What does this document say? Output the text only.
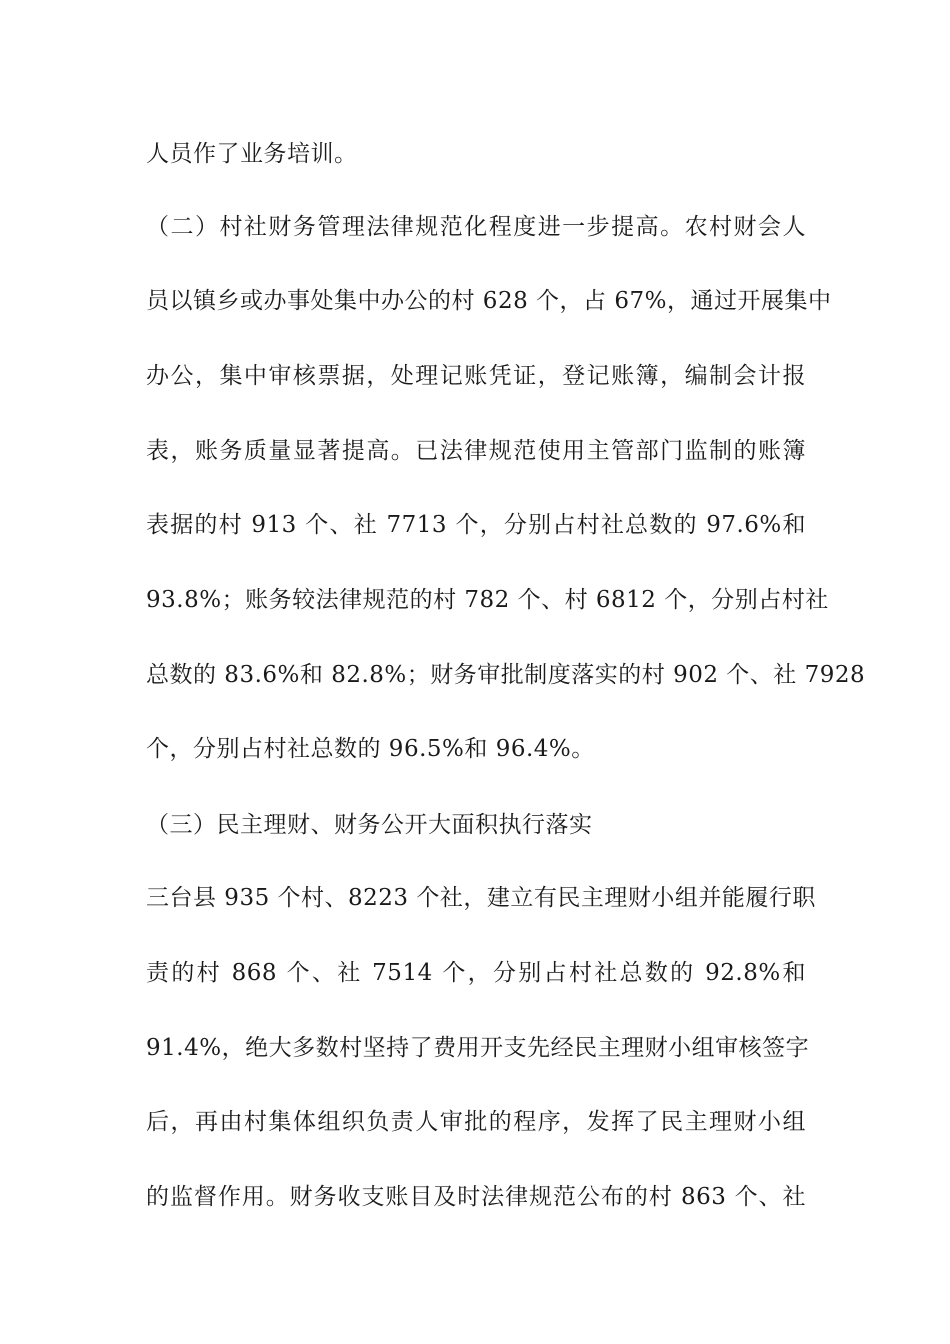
人员作了业务培训。
（二）村社财务管理法律规范化程度进一步提高。农村财会人
员以镇乡或办事处集中办公的村 628 个，占 67%，通过开展集中
办公，集中审核票据，处理记账凭证，登记账簿，编制会计报
表，账务质量显著提高。已法律规范使用主管部门监制的账簿
表据的村 913 个、社 7713 个，分别占村社总数的 97.6%和
93.8%；账务较法律规范的村 782 个、村 6812 个，分别占村社
总数的 83.6%和 82.8%；财务审批制度落实的村 902 个、社 7928
个，分别占村社总数的 96.5%和 96.4%。
（三）民主理财、财务公开大面积执行落实
三台县 935 个村、8223 个社，建立有民主理财小组并能履行职
责的村 868 个、社 7514 个，分别占村社总数的 92.8%和
91.4%，绝大多数村坚持了费用开支先经民主理财小组审核签字
后，再由村集体组织负责人审批的程序，发挥了民主理财小组
的监督作用。财务收支账目及时法律规范公布的村 863 个、社
